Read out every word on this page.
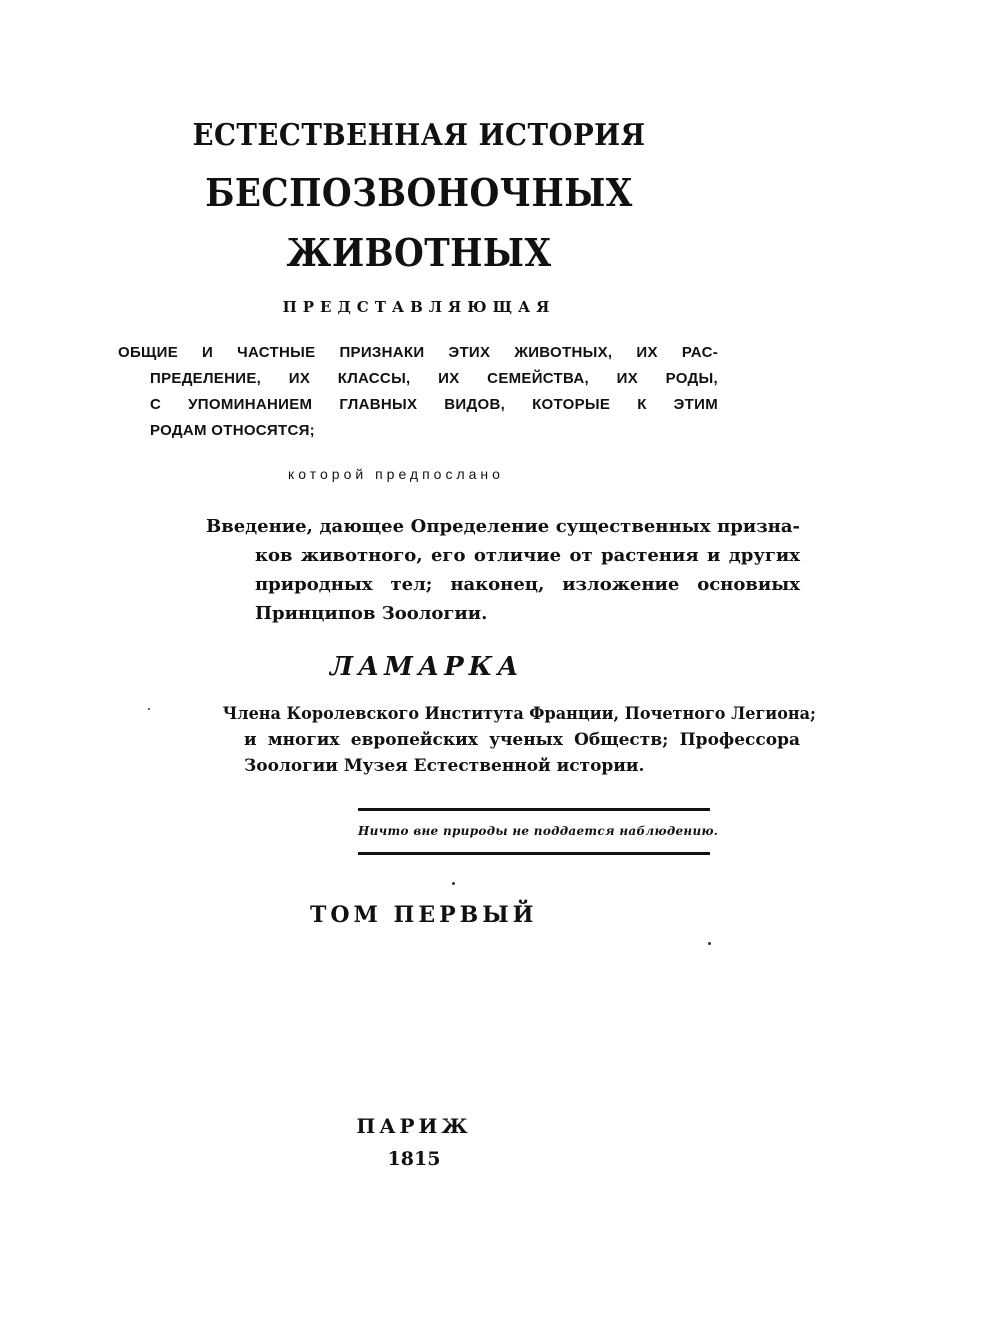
ЕСТЕСТВЕННАЯ ИСТОРИЯ
БЕСПОЗВОНОЧНЫХ
ЖИВОТНЫХ

ПРЕДСТАВЛЯЮЩАЯ

ОБЩИЕ И ЧАСТНЫЕ ПРИЗНАКИ ЭТИХ ЖИВОТНЫХ, ИХ РАС-

ПРЕДЕЛЕНИЕ, ИХ КЛАССЫ, ИХ СЕМЕЙСТВА, ИХ РОДЫ,

С УПОМИНАНИЕМ ГЛАВНЫХ ВИДОВ, КОТОРЫЕ К ЭТИМ

РОДАМ ОТНОСЯТСЯ;

которой предпослано

Введение, дающее Определение существенных призна-

ков животного, его отличие от растения и других

природных тел; наконец, изложение основиых

Принципов Зоологии.

ЛАМАРКА

Члена Королевского Института Франции, Почетного Легиона;

и многих европейских ученых Обществ; Профессора

Зоологии Музея Естественной истории.

Ничто вне природы не поддается наблюдению.

ТОМ ПЕРВЫЙ

ПАРИЖ

1815
